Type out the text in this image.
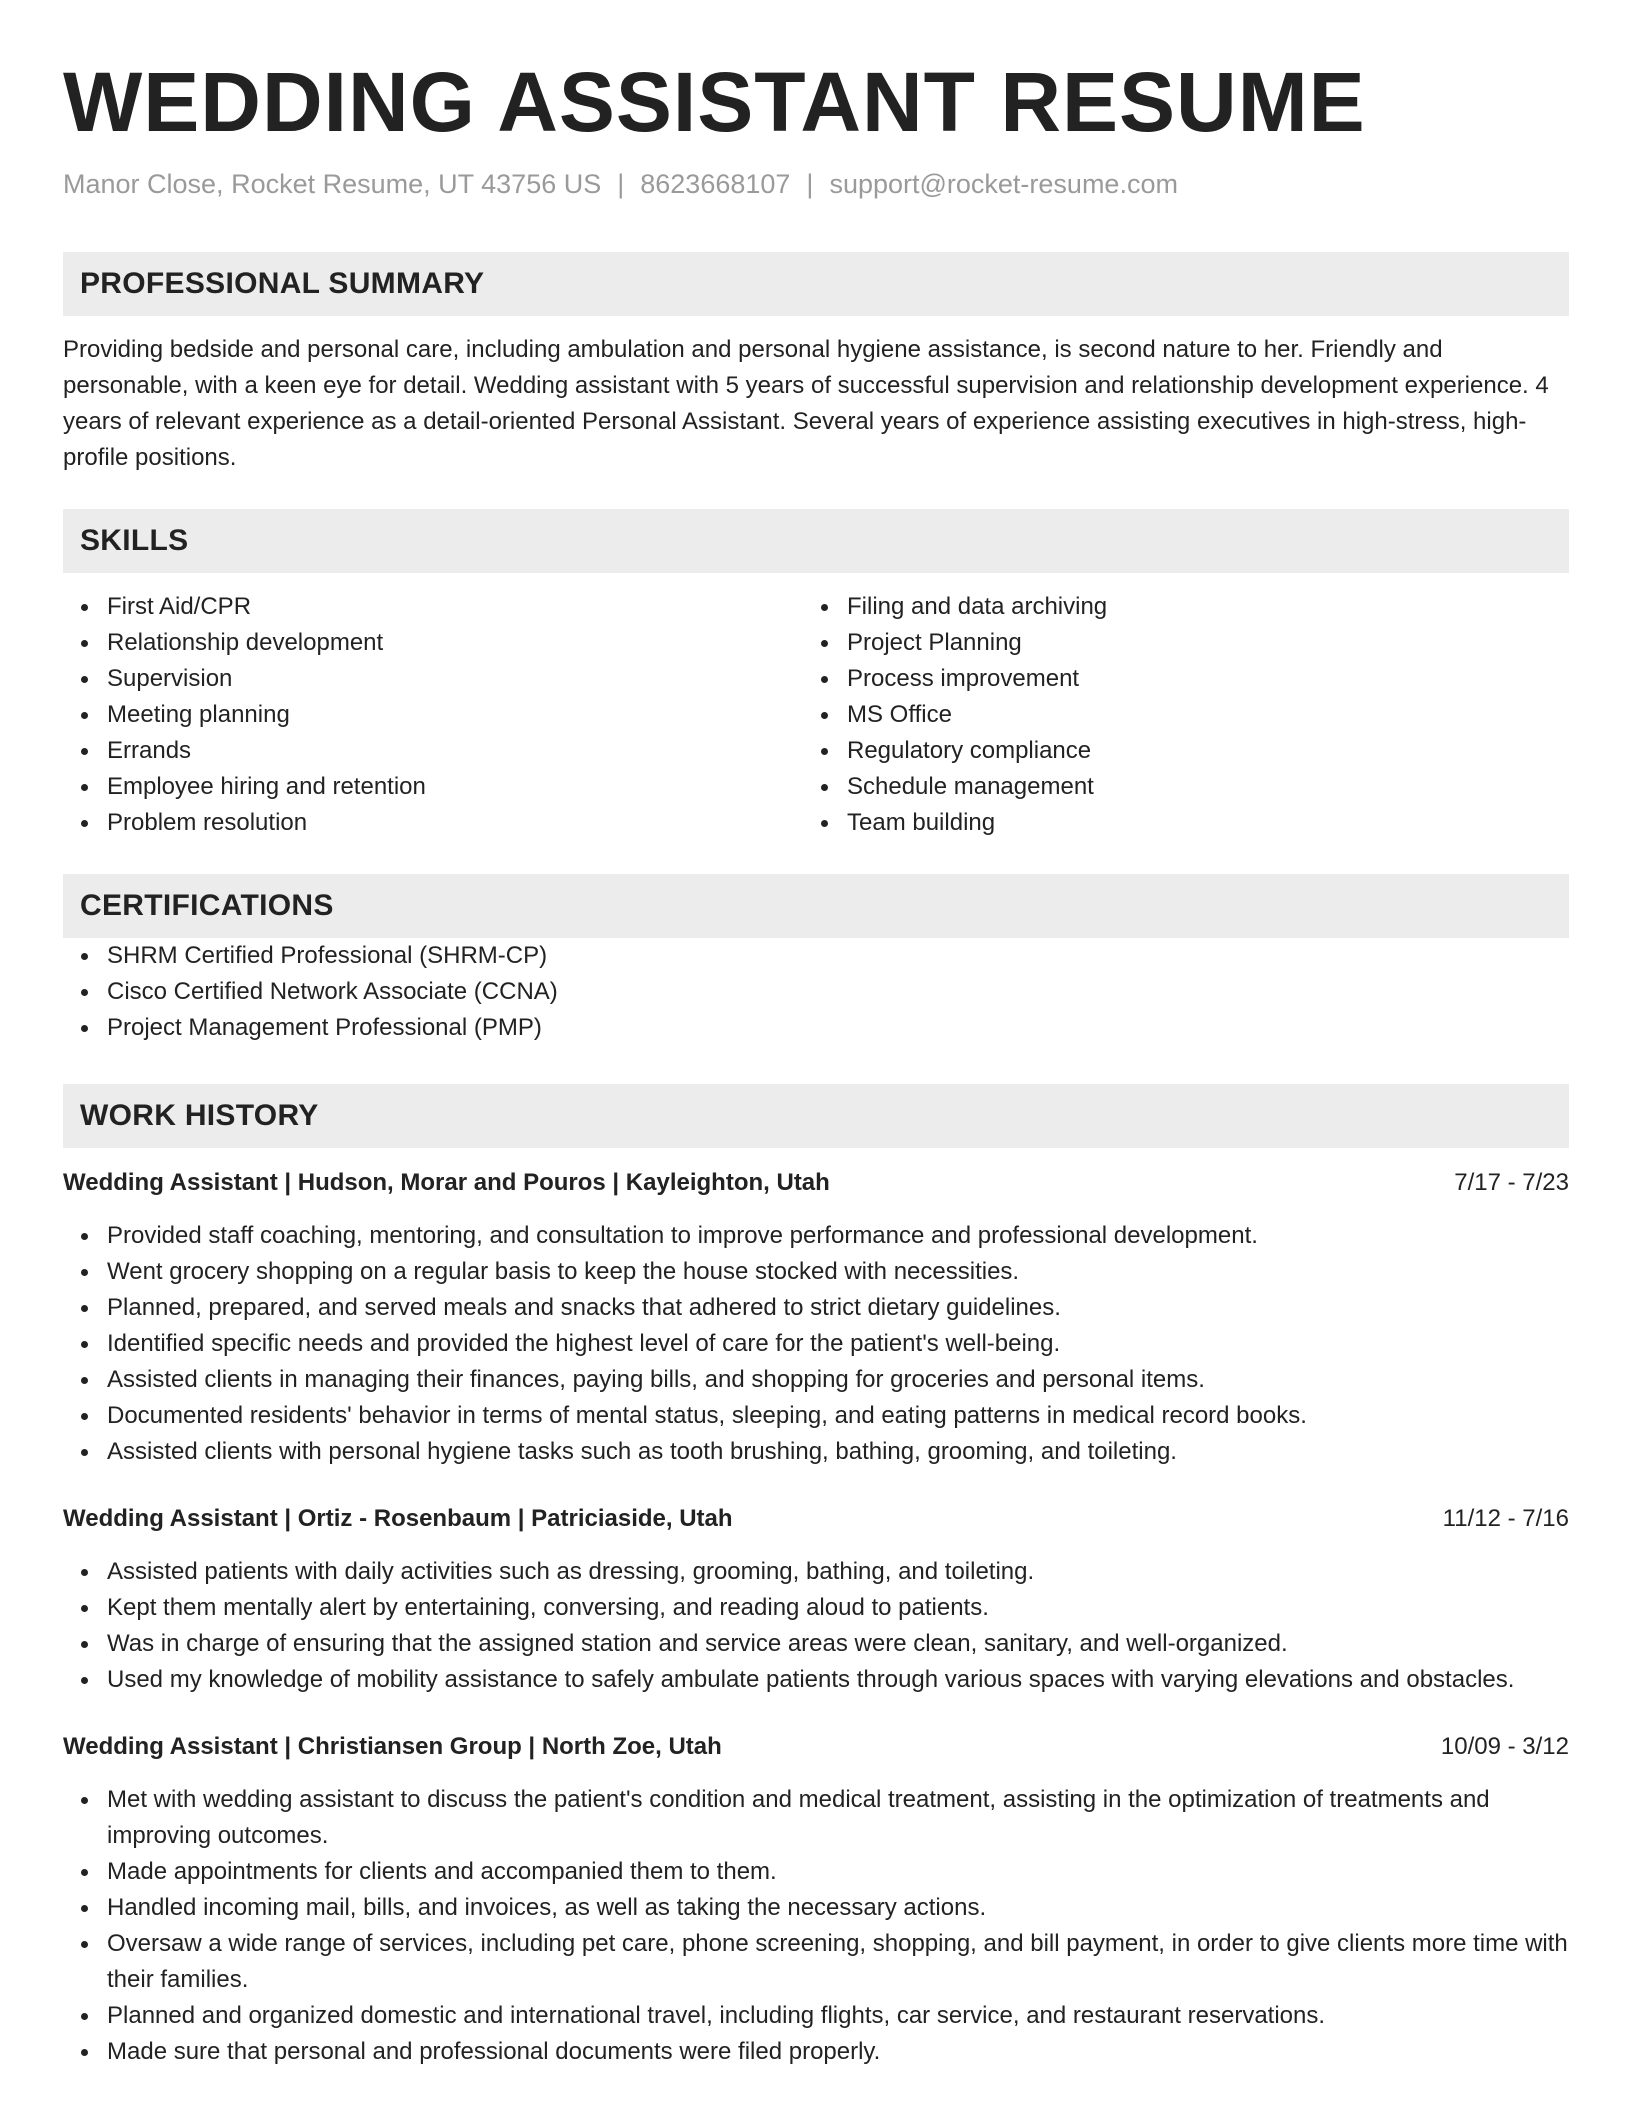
WEDDING ASSISTANT RESUME
Manor Close, Rocket Resume, UT 43756 US | 8623668107 | support@rocket-resume.com
PROFESSIONAL SUMMARY

Providing bedside and personal care, including ambulation and personal hygiene assistance, is second nature to her. Friendly and personable, with a keen eye for detail. Wedding assistant with 5 years of successful supervision and relationship development experience. 4 years of relevant experience as a detail-oriented Personal Assistant. Several years of experience assisting executives in high-stress, high-profile positions.

SKILLS
First Aid/CPR
Relationship development
Supervision
Meeting planning
Errands
Employee hiring and retention
Problem resolution
Filing and data archiving
Project Planning
Process improvement
MS Office
Regulatory compliance
Schedule management
Team building
CERTIFICATIONS
SHRM Certified Professional (SHRM-CP)
Cisco Certified Network Associate (CCNA)
Project Management Professional (PMP)
WORK HISTORY
Wedding Assistant | Hudson, Morar and Pouros | Kayleighton, Utah	7/17 - 7/23
Provided staff coaching, mentoring, and consultation to improve performance and professional development.
Went grocery shopping on a regular basis to keep the house stocked with necessities.
Planned, prepared, and served meals and snacks that adhered to strict dietary guidelines.
Identified specific needs and provided the highest level of care for the patient's well-being.
Assisted clients in managing their finances, paying bills, and shopping for groceries and personal items.
Documented residents' behavior in terms of mental status, sleeping, and eating patterns in medical record books.
Assisted clients with personal hygiene tasks such as tooth brushing, bathing, grooming, and toileting.
Wedding Assistant | Ortiz - Rosenbaum | Patriciaside, Utah	11/12 - 7/16
Assisted patients with daily activities such as dressing, grooming, bathing, and toileting.
Kept them mentally alert by entertaining, conversing, and reading aloud to patients.
Was in charge of ensuring that the assigned station and service areas were clean, sanitary, and well-organized.
Used my knowledge of mobility assistance to safely ambulate patients through various spaces with varying elevations and obstacles.
Wedding Assistant | Christiansen Group | North Zoe, Utah	10/09 - 3/12
Met with wedding assistant to discuss the patient's condition and medical treatment, assisting in the optimization of treatments and improving outcomes.
Made appointments for clients and accompanied them to them.
Handled incoming mail, bills, and invoices, as well as taking the necessary actions.
Oversaw a wide range of services, including pet care, phone screening, shopping, and bill payment, in order to give clients more time with their families.
Planned and organized domestic and international travel, including flights, car service, and restaurant reservations.
Made sure that personal and professional documents were filed properly.
